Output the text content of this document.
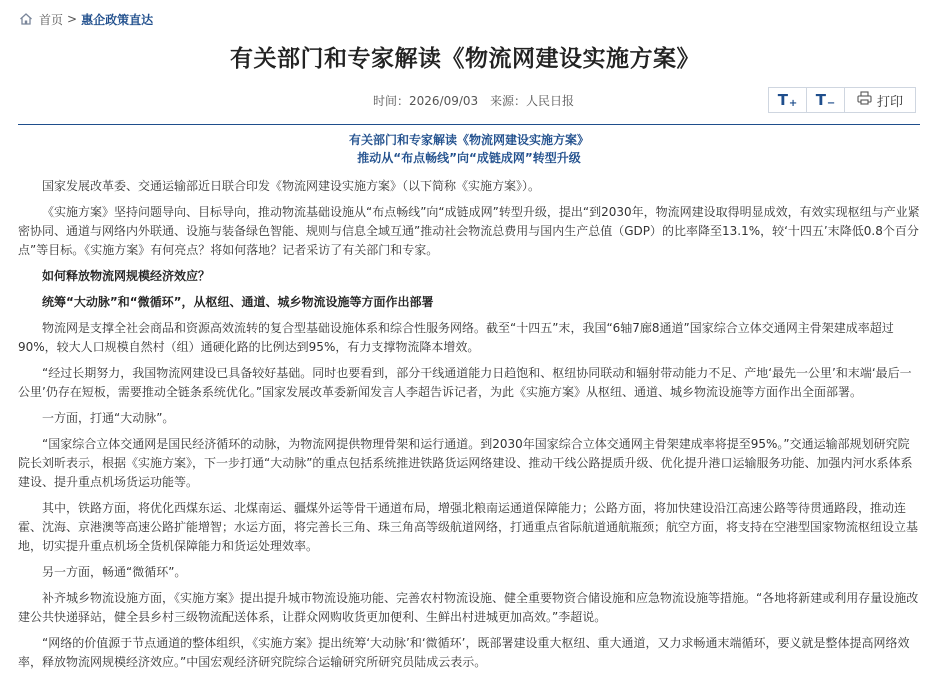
首页 > 惠企政策直达
有关部门和专家解读《物流网建设实施方案》
时间：2026/09/03 来源：人民日报	T + T −	打印
有关部门和专家解读《物流网建设实施方案》
推动从“布点畅线”向“成链成网”转型升级

国家发展改革委、交通运输部近日联合印发《物流网建设实施方案》（以下简称《实施方案》）。

《实施方案》坚持问题导向、目标导向，推动物流基础设施从“布点畅线”向“成链成网”转型升级，提出“到2030年，物流网建设取得明显成效，有效实现枢纽与产业紧密协同、通道与网络内外联通、设施与装备绿色智能、规则与信息全域互通”推动社会物流总费用与国内生产总值（GDP）的比率降至13.1%，较‘十四五’末降低0.8个百分点”等目标。《实施方案》有何亮点？将如何落地？记者采访了有关部门和专家。

如何释放物流网规模经济效应？

统筹“大动脉”和“微循环”，从枢纽、通道、城乡物流设施等方面作出部署

物流网是支撑全社会商品和资源高效流转的复合型基础设施体系和综合性服务网络。截至“十四五”末，我国“6轴7廊8通道”国家综合立体交通网主骨架建成率超过90%，较大人口规模自然村（组）通硬化路的比例达到95%，有力支撑物流降本增效。

“经过长期努力，我国物流网建设已具备较好基础。同时也要看到，部分干线通道能力日趋饱和、枢纽协同联动和辐射带动能力不足、产地‘最先一公里’和末端‘最后一公里’仍存在短板，需要推动全链条系统优化。”国家发展改革委新闻发言人李超告诉记者，为此《实施方案》从枢纽、通道、城乡物流设施等方面作出全面部署。

一方面，打通“大动脉”。

“国家综合立体交通网是国民经济循环的动脉，为物流网提供物理骨架和运行通道。到2030年国家综合立体交通网主骨架建成率将提至95%。”交通运输部规划研究院院长刘昕表示，根据《实施方案》，下一步打通“大动脉”的重点包括系统推进铁路货运网络建设、推动干线公路提质升级、优化提升港口运输服务功能、加强内河水系体系建设、提升重点机场货运功能等。

其中，铁路方面，将优化西煤东运、北煤南运、疆煤外运等骨干通道布局，增强北粮南运通道保障能力；公路方面，将加快建设沿江高速公路等待贯通路段，推动连霍、沈海、京港澳等高速公路扩能增智；水运方面，将完善长三角、珠三角高等级航道网络，打通重点省际航道通航瓶颈；航空方面，将支持在空港型国家物流枢纽设立基地，切实提升重点机场全货机保障能力和货运处理效率。

另一方面，畅通“微循环”。

补齐城乡物流设施方面，《实施方案》提出提升城市物流设施功能、完善农村物流设施、健全重要物资合储设施和应急物流设施等措施。“各地将新建或利用存量设施改建公共快递驿站，健全县乡村三级物流配送体系，让群众网购收货更加便利、生鲜出村进城更加高效。”李超说。

“网络的价值源于节点通道的整体组织，《实施方案》提出统筹‘大动脉’和‘微循环’，既部署建设重大枢纽、重大通道，又力求畅通末端循环，要义就是整体提高网络效率，释放物流网规模经济效应。”中国宏观经济研究院综合运输研究所研究员陆成云表示。
